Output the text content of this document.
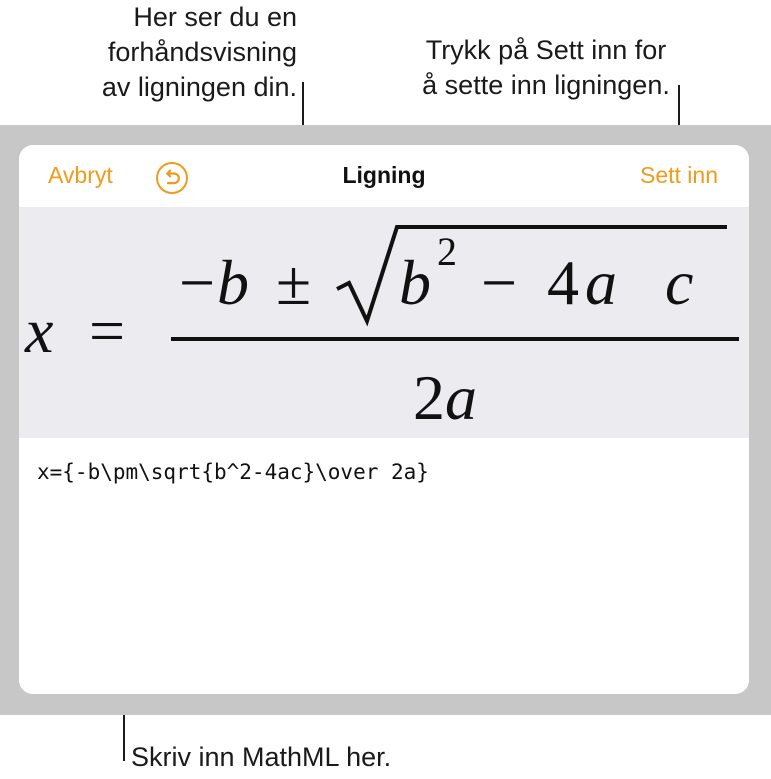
Her ser du en
forhåndsvisning
av ligningen din.
Trykk på Sett inn for
å sette inn ligningen.
Skriv inn MathML her.
Avbryt	Ligning	Sett inn
x =
− b ± b 2 − 4 a c
2 a
x={-b\pm\sqrt{b^2-4ac}\over 2a}
